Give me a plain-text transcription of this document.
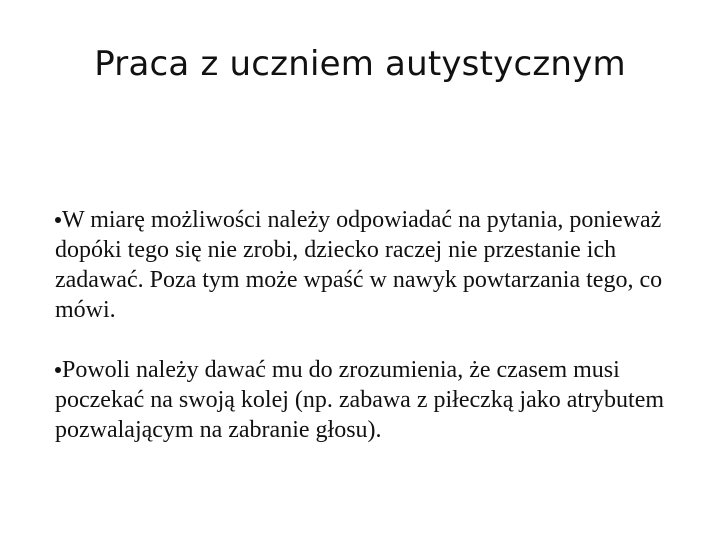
Praca z uczniem autystycznym
W miarę możliwości należy odpowiadać na pytania, ponieważ dopóki tego się nie zrobi, dziecko raczej nie przestanie ich zadawać. Poza tym może wpaść w nawyk powtarzania tego, co mówi.
Powoli należy dawać mu do zrozumienia, że czasem musi poczekać na swoją kolej (np. zabawa z piłeczką jako atrybutem pozwalającym na zabranie głosu).
